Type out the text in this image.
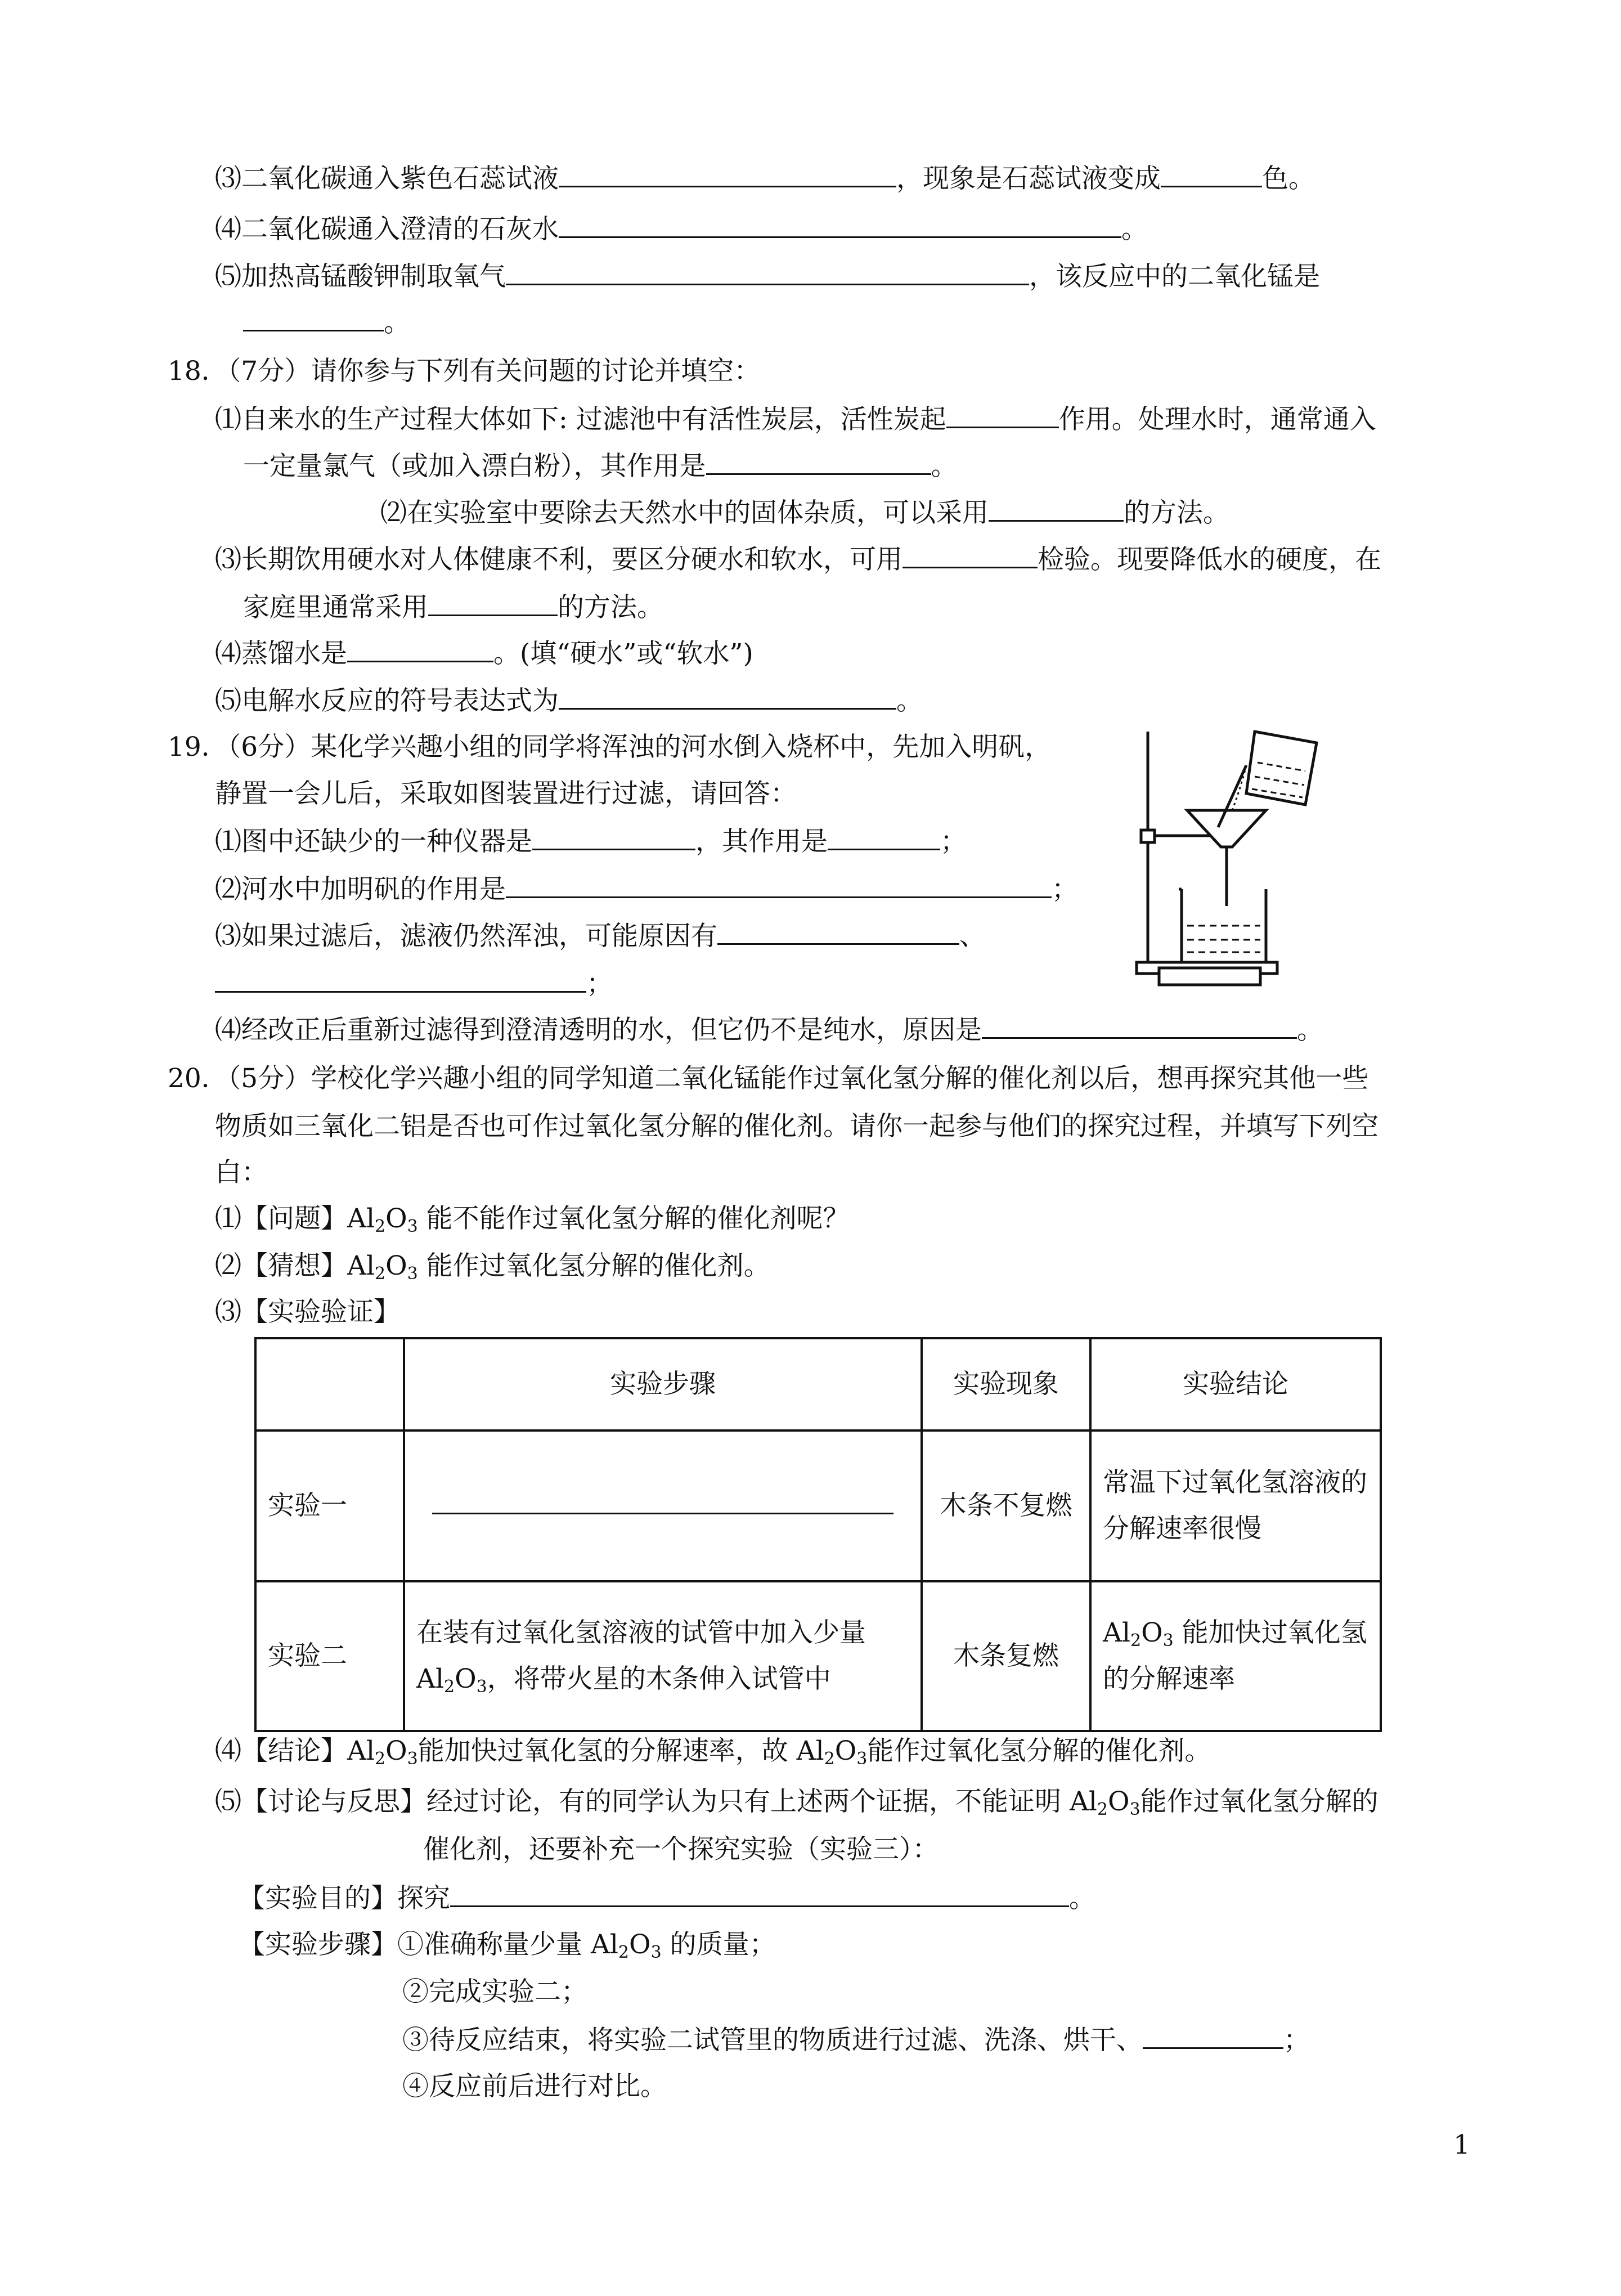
⑶二氧化碳通入紫色石蕊试液	，现象是石蕊试液变成	色。
⑷二氧化碳通入澄清的石灰水	。
⑸加热高锰酸钾制取氧气	，该反应中的二氧化锰是
。
18．（7分）请你参与下列有关问题的讨论并填空：
⑴自来水的生产过程大体如下: 过滤池中有活性炭层，活性炭起	作用。处理水时，通常通入
一定量氯气（或加入漂白粉），其作用是	。
⑵在实验室中要除去天然水中的固体杂质，可以采用	的方法。
⑶长期饮用硬水对人体健康不利，要区分硬水和软水，可用	检验。现要降低水的硬度，在
家庭里通常采用	的方法。
⑷蒸馏水是	。(填“硬水”或“软水”)
⑸电解水反应的符号表达式为	。
19．（6分）某化学兴趣小组的同学将浑浊的河水倒入烧杯中，先加入明矾，
静置一会儿后，采取如图装置进行过滤，请回答：
⑴图中还缺少的一种仪器是	，其作用是	；
⑵河水中加明矾的作用是	；
⑶如果过滤后，滤液仍然浑浊，可能原因有	、
；
⑷经改正后重新过滤得到澄清透明的水，但它仍不是纯水，原因是	。
20．（5分）学校化学兴趣小组的同学知道二氧化锰能作过氧化氢分解的催化剂以后，想再探究其他一些
物质如三氧化二铝是否也可作过氧化氢分解的催化剂。请你一起参与他们的探究过程，并填写下列空
白：
⑴【问题】$Al_2O_3$ 能不能作过氧化氢分解的催化剂呢？
⑵【猜想】$Al_2O_3$ 能作过氧化氢分解的催化剂。
⑶【实验验证】
	实验步骤	实验现象	实验结论
实验一		木条不复燃	常温下过氧化氢溶液的分解速率很慢
实验二	在装有过氧化氢溶液的试管中加入少量 $Al_2O_3$，将带火星的木条伸入试管中	木条复燃	$Al_2O_3$ 能加快过氧化氢的分解速率
⑷【结论】$Al_2O_3$能加快过氧化氢的分解速率，故 $Al_2O_3$能作过氧化氢分解的催化剂。
⑸【讨论与反思】经过讨论，有的同学认为只有上述两个证据，不能证明 $Al_2O_3$能作过氧化氢分解的
催化剂，还要补充一个探究实验（实验三）：
【实验目的】探究	。
【实验步骤】①准确称量少量 $Al_2O_3$ 的质量；
②完成实验二；
③待反应结束，将实验二试管里的物质进行过滤、洗涤、烘干、	；
④反应前后进行对比。
1
